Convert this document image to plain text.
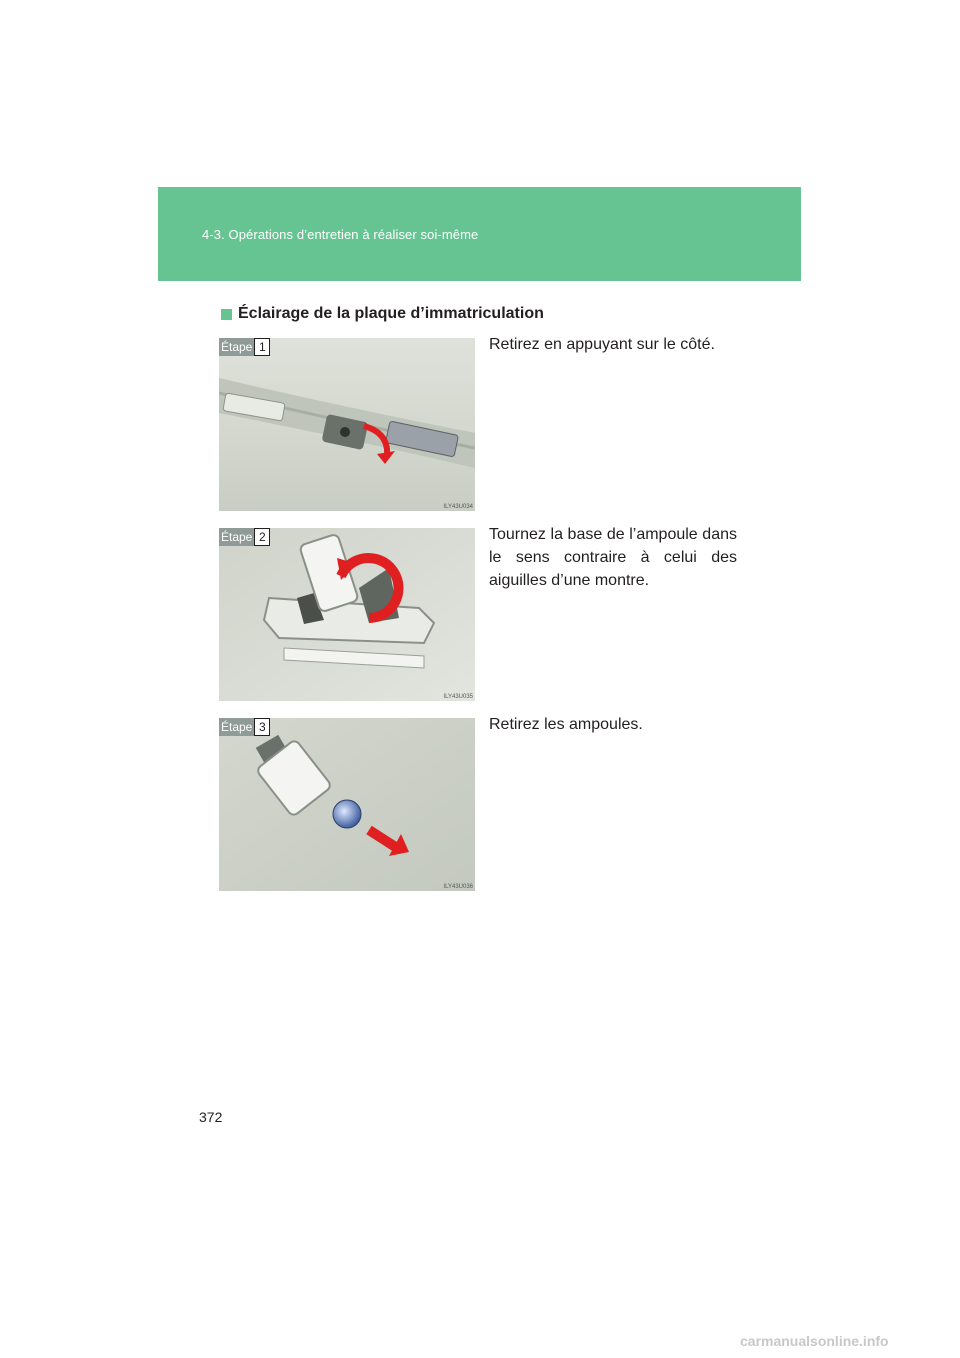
4-3. Opérations d’entretien à réaliser soi-même
Éclairage de la plaque d’immatriculation
Étape 1
ILY43U034
Retirez en appuyant sur le côté.
Étape 2
ILY43U035
Tournez la base de l’ampoule dans le sens contraire à celui des aiguilles d’une montre.
Étape 3
ILY43U036
Retirez les ampoules.
372
carmanualsonline.info
